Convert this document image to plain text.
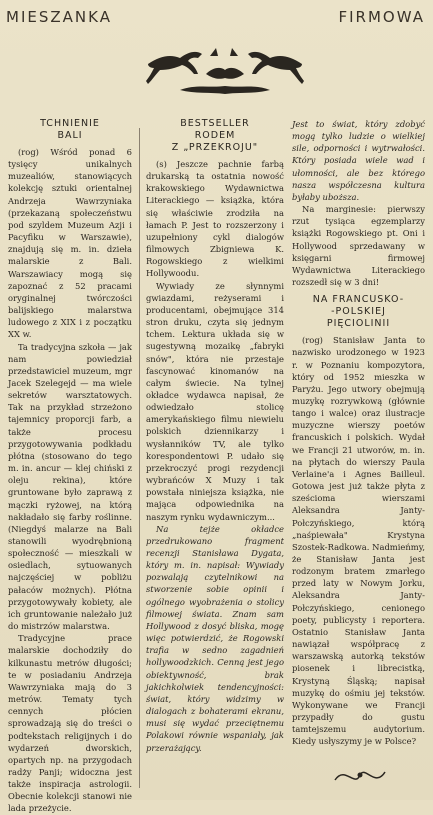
MIESZANKA	FIRMOWA
TCHNIENIE
BALI

(rog) Wśród ponad 6 tysięcy unikalnych muzealiów, stanowiących kolekcję sztuki orientalnej Andrzeja Wawrzyniaka (przekazaną społeczeństwu pod szyldem Muzeum Azji i Pacyfiku w Warszawie), znajdują się m. in. dzieła malarskie z Bali. Warszawiacy mogą się zapoznać z 52 pracami oryginalnej twórczości balijskiego malarstwa ludowego z XIX i z początku XX w.

Ta tradycyjna szkoła — jak nam powiedział przedstawiciel muzeum, mgr Jacek Szelegejd — ma wiele sekretów warsztatowych. Tak na przykład strzeżono tajemnicy proporcji farb, a także procesu przygotowywania podkładu płótna (stosowano do tego m. in. ancur — klej chiński z oleju rekina), które gruntowane było zaprawą z mączki ryżowej, na którą nakładało się farby roślinne. (Niegdyś malarze na Bali stanowili wyodrębnioną społeczność — mieszkali w osiedlach, sytuowanych najczęściej w pobliżu pałaców możnych). Płótna przygotowywały kobiety, ale ich gruntowanie należało już do mistrzów malarstwa.

Tradycyjne prace malarskie dochodziły do kilkunastu metrów długości; te w posiadaniu Andrzeja Wawrzyniaka mają do 3 metrów. Tematy tych cennych płócien sprowadzają się do treści o podtekstach religijnych i do wydarzeń dworskich, opartych np. na przygodach radży Panji; widoczna jest także inspiracja astrologii. Obecnie kolekcji stanowi nie lada przeżycie.

BESTSELLER
RODEM
Z „PRZEKROJU"

(s) Jeszcze pachnie farbą drukarską ta ostatnia nowość krakowskiego Wydawnictwa Literackiego — książka, która się właściwie zrodziła na łamach P. Jest to rozszerzony i uzupełniony cykl dialogów filmowych Zbigniewa K. Rogowskiego z wielkimi Hollywoodu.

Wywiady ze słynnymi gwiazdami, reżyserami i producentami, obejmujące 314 stron druku, czyta się jednym tchem. Lektura układa się w sugestywną mozaikę „fabryki snów", która nie przestaje fascynować kinomanów na całym świecie. Na tylnej okładce wydawca napisał, że odwiedzało stolicę amerykańskiego filmu niewielu polskich dziennikarzy i wysłanników TV, ale tylko korespondentowi P. udało się przekroczyć progi rezydencji wybrańców X Muzy i tak powstała niniejsza książka, nie mająca odpowiednika na naszym rynku wydawniczym...

Na tejże okładce przedrukowano fragment recenzji Stanisława Dygata, który m. in. napisał: Wywiady pozwalają czytelnikowi na stworzenie sobie opinii i ogólnego wyobrażenia o stolicy filmowej świata. Znam sam Hollywood z dosyć bliska, mogę więc potwierdzić, że Rogowski trafia w sedno zagadnień hollywoodzkich. Cenną jest jego obiektywność, brak jakichkolwiek tendencyjności: świat, który widzimy w dialogach z bohaterami ekranu, musi się wydać przeciętnemu Polakowi równie wspaniały, jak przerażający.

Jest to świat, który zdobyć mogą tylko ludzie o wielkiej sile, odporności i wytrwałości. Który posiada wiele wad i ułomności, ale bez którego nasza współczesna kultura byłaby uboższa.

Na marginesie: pierwszy rzut tysiąca egzemplarzy książki Rogowskiego pt. Oni i Hollywood sprzedawany w księgarni firmowej Wydawnictwa Literackiego rozszedł się w 3 dni!

NA FRANCUSKO-
-POLSKIEJ
PIĘCIOLINII

(rog) Stanisław Janta to nazwisko urodzonego w 1923 r. w Poznaniu kompozytora, który od 1952 mieszka w Paryżu. Jego utwory obejmują muzykę rozrywkową (głównie tango i walce) oraz ilustracje muzyczne wierszy poetów francuskich i polskich. Wydał we Francji 21 utworów, m. in. na płytach do wierszy Paula Verlaine'a i Agnes Bailleul. Gotowa jest już także płyta z sześcioma wierszami Aleksandra Janty-Połczyńskiego, którą „naśpiewała" Krystyna Szostek-Radkowa. Nadmieńmy, że Stanisław Janta jest rodzonym bratem zmarłego przed laty w Nowym Jorku, Aleksandra Janty-Połczyńskiego, cenionego poety, publicysty i reportera. Ostatnio Stanisław Janta nawiązał współpracę z warszawską autorką tekstów piosenek i librecistką, Krystyną Śląską; napisał muzykę do ośmiu jej tekstów. Wykonywane we Francji przypadły do gustu tamtejszemu audytorium. Kiedy usłyszymy je w Polsce?
